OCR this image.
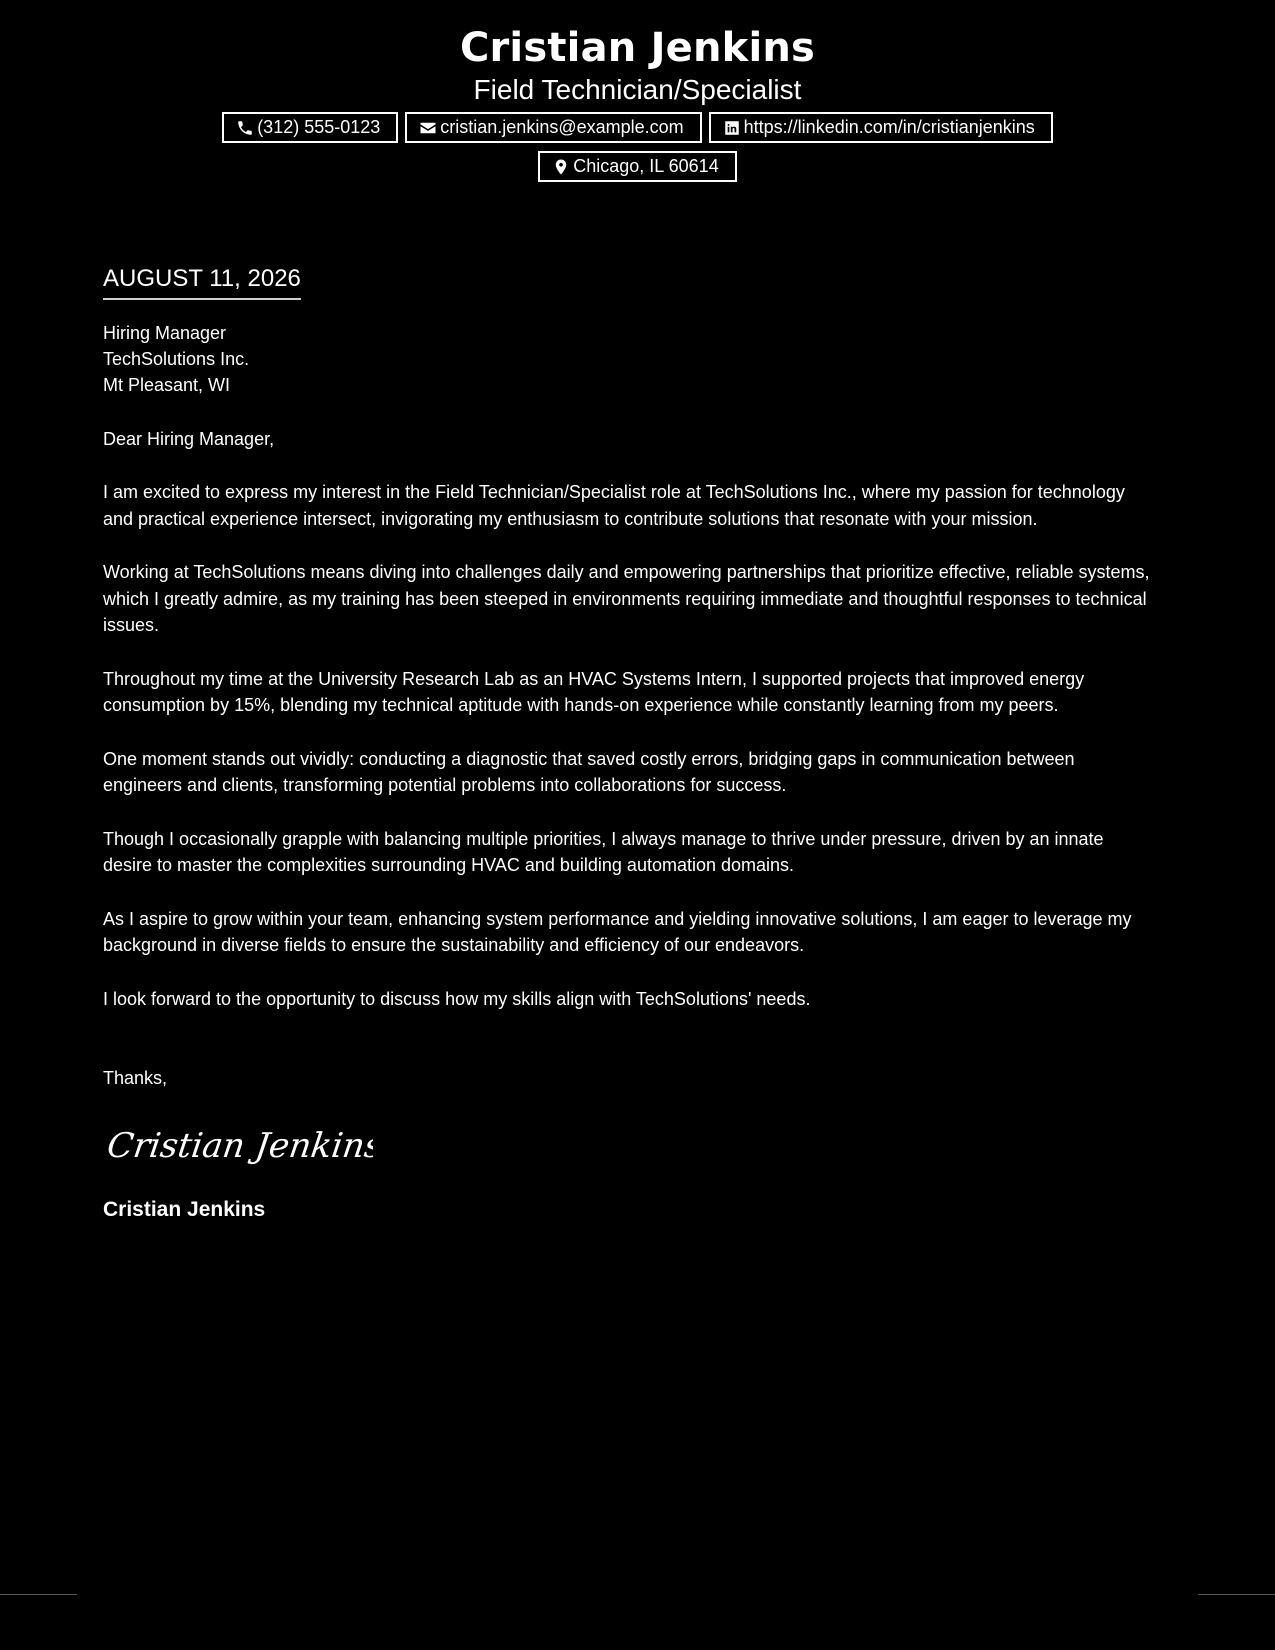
Cristian Jenkins
Field Technician/Specialist
(312) 555-0123	cristian.jenkins@example.com	https://linkedin.com/in/cristianjenkins
Chicago, IL 60614
AUGUST 11, 2026
Hiring Manager
TechSolutions Inc.
Mt Pleasant, WI
Dear Hiring Manager,
I am excited to express my interest in the Field Technician/Specialist role at TechSolutions Inc., where my passion for technology and practical experience intersect, invigorating my enthusiasm to contribute solutions that resonate with your mission.
Working at TechSolutions means diving into challenges daily and empowering partnerships that prioritize effective, reliable systems, which I greatly admire, as my training has been steeped in environments requiring immediate and thoughtful responses to technical issues.
Throughout my time at the University Research Lab as an HVAC Systems Intern, I supported projects that improved energy consumption by 15%, blending my technical aptitude with hands-on experience while constantly learning from my peers.
One moment stands out vividly: conducting a diagnostic that saved costly errors, bridging gaps in communication between engineers and clients, transforming potential problems into collaborations for success.
Though I occasionally grapple with balancing multiple priorities, I always manage to thrive under pressure, driven by an innate desire to master the complexities surrounding HVAC and building automation domains.
As I aspire to grow within your team, enhancing system performance and yielding innovative solutions, I am eager to leverage my background in diverse fields to ensure the sustainability and efficiency of our endeavors.
I look forward to the opportunity to discuss how my skills align with TechSolutions' needs.
Thanks,
Cristian Jenkins
Cristian Jenkins
